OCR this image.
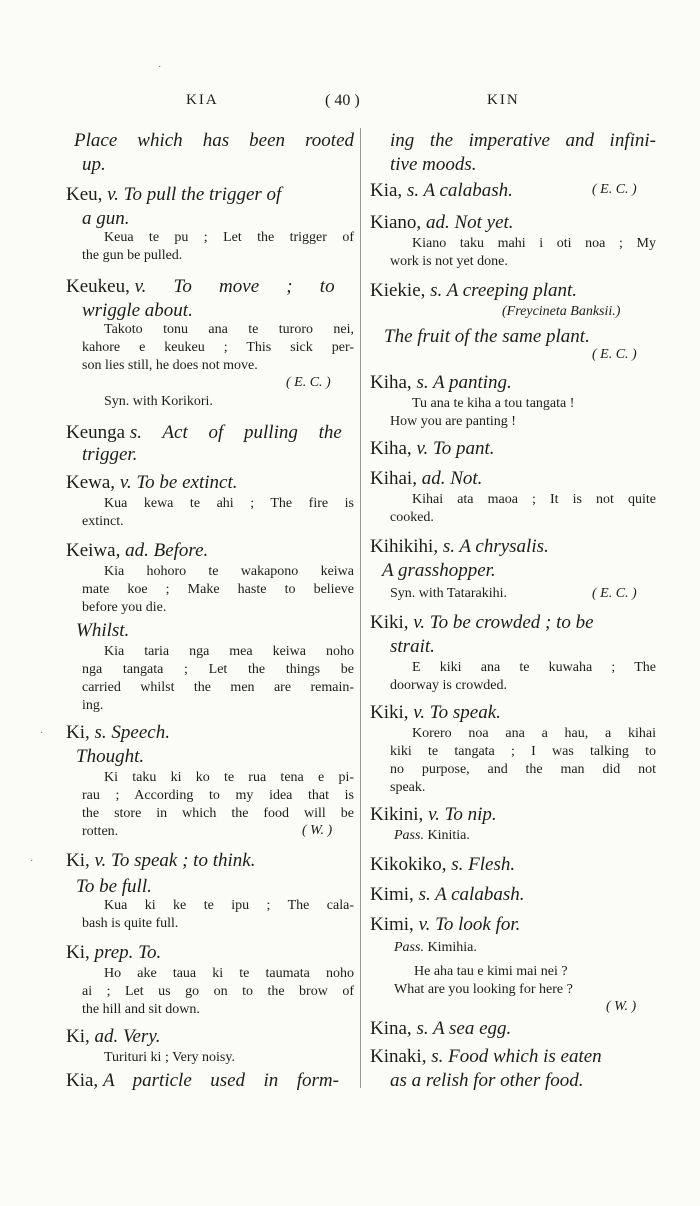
KIA	( 40 )	KIN
Place which has been rooted
up.
Keu, v. To pull the trigger of
a gun.
Keua te pu ; Let the trigger of
the gun be pulled.
Keukeu, v. To move ; to
wriggle about.
Takoto tonu ana te turoro nei,
kahore e keukeu ; This sick per-
son lies still, he does not move.
( E. C. )
Syn. with Korikori.
Keunga s. Act of pulling the
trigger.
Kewa, v. To be extinct.
Kua kewa te ahi ; The fire is
extinct.
Keiwa, ad. Before.
Kia hohoro te wakapono keiwa
mate koe ; Make haste to believe
before you die.
Whilst.
Kia taria nga mea keiwa noho
nga tangata ; Let the things be
carried whilst the men are remain-
ing.
Ki, s. Speech.
Thought.
Ki taku ki ko te rua tena e pi-
rau ; According to my idea that is
the store in which the food will be
rotten.	( W. )
Ki, v. To speak ; to think.
To be full.
Kua ki ke te ipu ; The cala-
bash is quite full.
Ki, prep. To.
Ho ake taua ki te taumata noho
ai ; Let us go on to the brow of
the hill and sit down.
Ki, ad. Very.
Turituri ki ; Very noisy.
Kia, A particle used in form-
ing the imperative and infini-
tive moods.
Kia, s. A calabash.	( E. C. )
Kiano, ad. Not yet.
Kiano taku mahi i oti noa ; My
work is not yet done.
Kiekie, s. A creeping plant.
(Freycineta Banksii.)
The fruit of the same plant.
( E. C. )
Kiha, s. A panting.
Tu ana te kiha a tou tangata !
How you are panting !
Kiha, v. To pant.
Kihai, ad. Not.
Kihai ata maoa ; It is not quite
cooked.
Kihikihi, s. A chrysalis.
A grasshopper.
Syn. with Tatarakihi.	( E. C. )
Kiki, v. To be crowded ; to be
strait.
E kiki ana te kuwaha ; The
doorway is crowded.
Kiki, v. To speak.
Korero noa ana a hau, a kihai
kiki te tangata ; I was talking to
no purpose, and the man did not
speak.
Kikini, v. To nip.
Pass. Kinitia.
Kikokiko, s. Flesh.
Kimi, s. A calabash.
Kimi, v. To look for.
Pass. Kimihia.
He aha tau e kimi mai nei ?
What are you looking for here ?
( W. )
Kina, s. A sea egg.
Kinaki, s. Food which is eaten
as a relish for other food.
·
·
·
